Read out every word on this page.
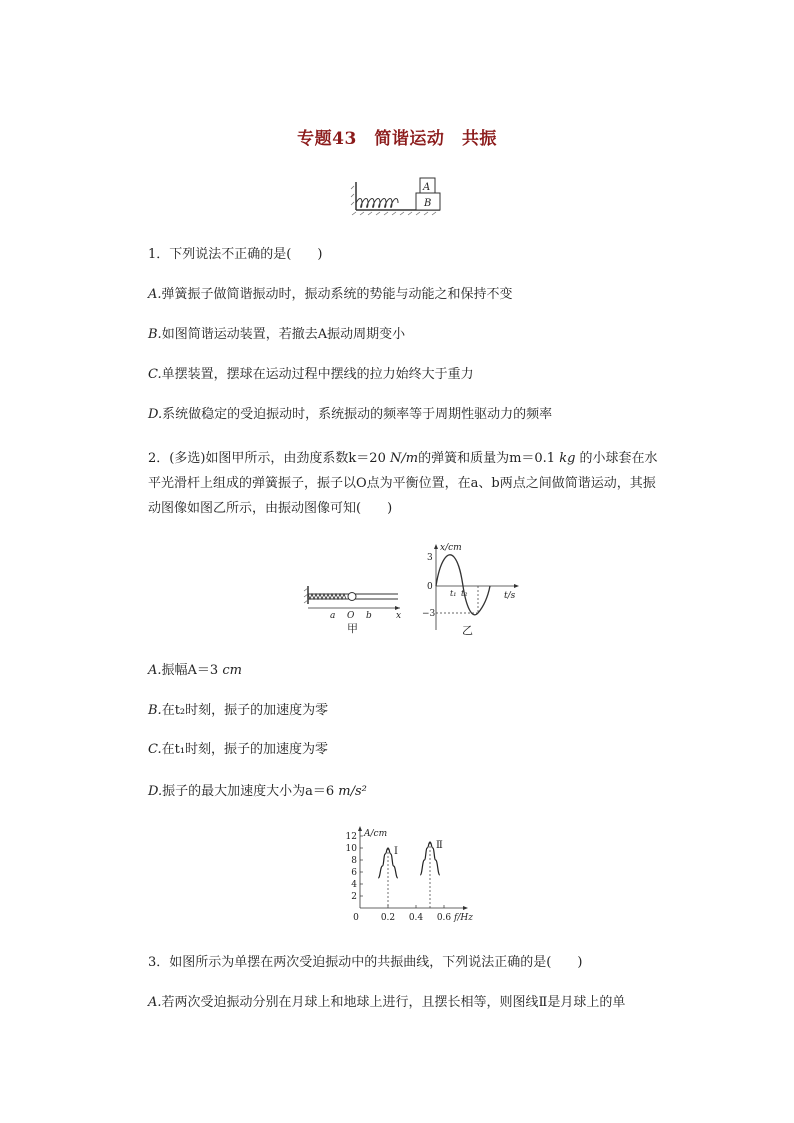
专题43　简谐运动　共振
A
B
1．下列说法不正确的是(　　)
A.弹簧振子做简谐振动时，振动系统的势能与动能之和保持不变
B.如图简谐运动装置，若撤去A振动周期变小
C.单摆装置，摆球在运动过程中摆线的拉力始终大于重力
D.系统做稳定的受迫振动时，系统振动的频率等于周期性驱动力的频率
2．(多选)如图甲所示，由劲度系数k＝20 N/m的弹簧和质量为m＝0.1 kg 的小球套在水
平光滑杆上组成的弹簧振子，振子以O点为平衡位置，在a、b两点之间做简谐运动，其振
动图像如图乙所示，由振动图像可知(　　)
a O b	x
甲
x/cm
t/s
3
0
−3
t₁ t₂
乙
A.振幅A＝3 cm
B.在t₂时刻，振子的加速度为零
C.在t₁时刻，振子的加速度为零
D.振子的最大加速度大小为a＝6 m/s²
A/cm
f/Hz
2
4
6
8
10
12
0 0.2 0.4 0.6
Ⅰ
Ⅱ
3．如图所示为单摆在两次受迫振动中的共振曲线，下列说法正确的是(　　)
A.若两次受迫振动分别在月球上和地球上进行，且摆长相等，则图线Ⅱ是月球上的单
